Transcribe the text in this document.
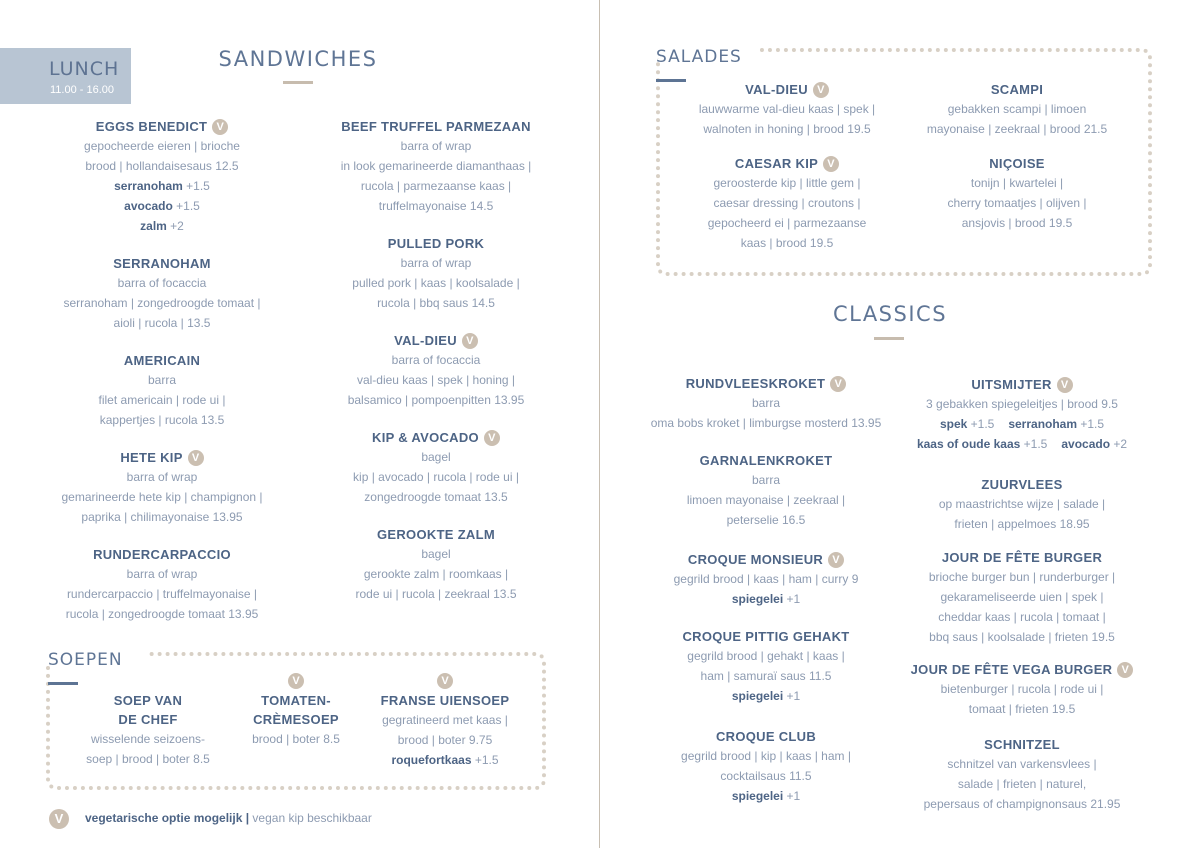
LUNCH
11.00 - 16.00
SANDWICHES
EGGS BENEDICT V
gepocheerde eieren | brioche
brood | hollandaisesaus 12.5
serranoham +1.5
avocado +1.5
zalm +2
SERRANOHAM
barra of focaccia
serranoham | zongedroogde tomaat |
aioli | rucola | 13.5
AMERICAIN
barra
filet americain | rode ui |
kappertjes | rucola 13.5
HETE KIP V
barra of wrap
gemarineerde hete kip | champignon |
paprika | chilimayonaise 13.95
RUNDERCARPACCIO
barra of wrap
rundercarpaccio | truffelmayonaise |
rucola | zongedroogde tomaat 13.95
BEEF TRUFFEL PARMEZAAN
barra of wrap
in look gemarineerde diamanthaas |
rucola | parmezaanse kaas |
truffelmayonaise 14.5
PULLED PORK
barra of wrap
pulled pork | kaas | koolsalade |
rucola | bbq saus 14.5
VAL-DIEU V
barra of focaccia
val-dieu kaas | spek | honing |
balsamico | pompoenpitten 13.95
KIP & AVOCADO V
bagel
kip | avocado | rucola | rode ui |
zongedroogde tomaat 13.5
GEROOKTE ZALM
bagel
gerookte zalm | roomkaas |
rode ui | rucola | zeekraal 13.5
SOEPEN
SOEP VAN
DE CHEF
wisselende seizoens-
soep | brood | boter 8.5
V
TOMATEN-
CRÈMESOEP
brood | boter 8.5
V
FRANSE UIENSOEP
gegratineerd met kaas |
brood | boter 9.75
roquefortkaas +1.5
V	vegetarische optie mogelijk | vegan kip beschikbaar
SALADES
VAL-DIEU V
lauwwarme val-dieu kaas | spek |
walnoten in honing | brood 19.5
SCAMPI
gebakken scampi | limoen
mayonaise | zeekraal | brood 21.5
CAESAR KIP V
geroosterde kip | little gem |
caesar dressing | croutons |
gepocheerd ei | parmezaanse
kaas | brood 19.5
NIÇOISE
tonijn | kwartelei |
cherry tomaatjes | olijven |
ansjovis | brood 19.5
CLASSICS
RUNDVLEESKROKET V
barra
oma bobs kroket | limburgse mosterd 13.95
GARNALENKROKET
barra
limoen mayonaise | zeekraal |
peterselie 16.5
CROQUE MONSIEUR V
gegrild brood | kaas | ham | curry 9
spiegelei +1
CROQUE PITTIG GEHAKT
gegrild brood | gehakt | kaas |
ham | samuraï saus 11.5
spiegelei +1
CROQUE CLUB
gegrild brood | kip | kaas | ham |
cocktailsaus 11.5
spiegelei +1
UITSMIJTER V
3 gebakken spiegeleitjes | brood 9.5
spek +1.5 serranoham +1.5
kaas of oude kaas +1.5 avocado +2
ZUURVLEES
op maastrichtse wijze | salade |
frieten | appelmoes 18.95
JOUR DE FÊTE BURGER
brioche burger bun | runderburger |
gekarameliseerde uien | spek |
cheddar kaas | rucola | tomaat |
bbq saus | koolsalade | frieten 19.5
JOUR DE FÊTE VEGA BURGER V
bietenburger | rucola | rode ui |
tomaat | frieten 19.5
SCHNITZEL
schnitzel van varkensvlees |
salade | frieten | naturel,
pepersaus of champignonsaus 21.95
